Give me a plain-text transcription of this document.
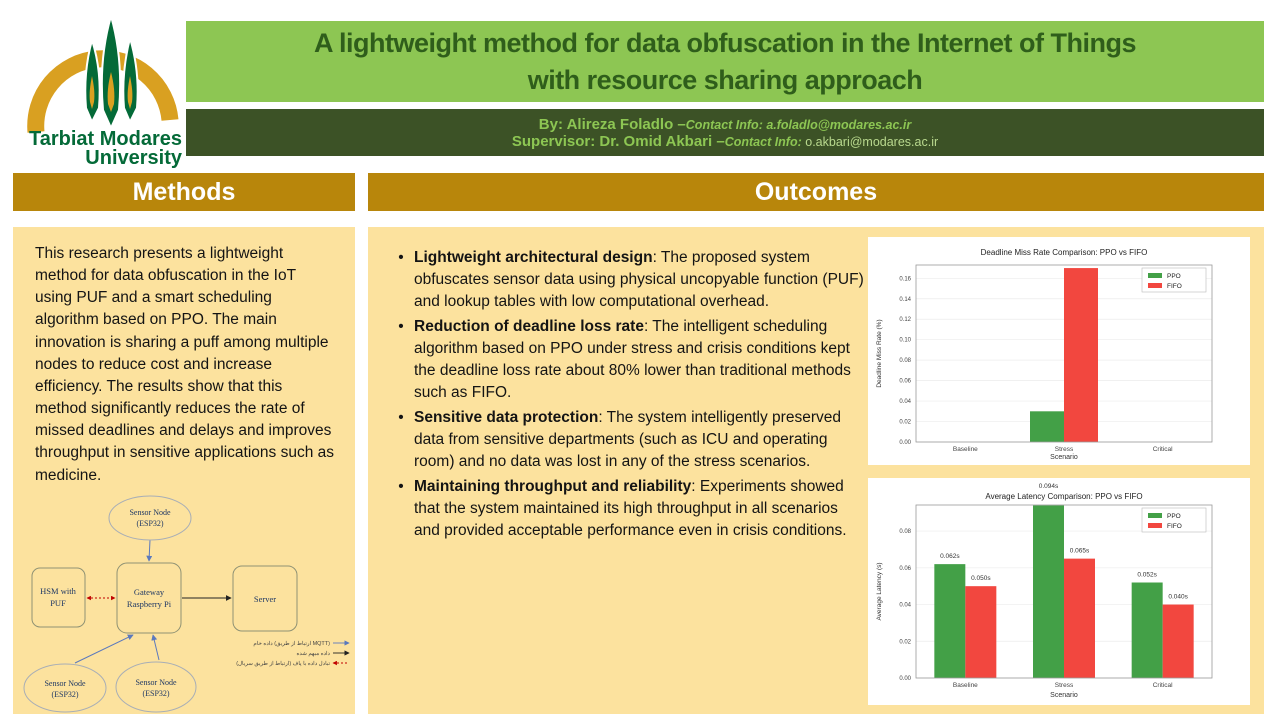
Tarbiat Modares
University
A lightweight method for data obfuscation in the Internet of Things
with resource sharing approach
By: Alireza Foladlo –Contact Info: a.foladlo@modares.ac.ir
Supervisor: Dr. Omid Akbari –Contact Info: o.akbari@modares.ac.ir
Methods	Outcomes
This research presents a lightweight method for data obfuscation in the IoT using PUF and a smart scheduling algorithm based on PPO. The main innovation is sharing a puff among multiple nodes to reduce cost and increase efficiency. The results show that this method significantly reduces the rate of missed deadlines and delays and improves throughput in sensitive applications such as medicine.
Sensor Node
(ESP32)
HSM with
PUF
Gateway
Raspberry Pi	Server
Sensor Node
(ESP32)
Sensor Node
(ESP32)
داده خام (ارتباط از طریق MQTT)
داده مبهم شده
تبادل داده با پاف (ارتباط از طریق سریال)
• Lightweight architectural design: The proposed system obfuscates sensor data using physical uncopyable function (PUF) and lookup tables with low computational overhead.
• Reduction of deadline loss rate: The intelligent scheduling algorithm based on PPO under stress and crisis conditions kept the deadline loss rate about 80% lower than traditional methods such as FIFO.
• Sensitive data protection: The system intelligently preserved data from sensitive departments (such as ICU and operating room) and no data was lost in any of the stress scenarios.
• Maintaining throughput and reliability: Experiments showed that the system maintained its high throughput in all scenarios and provided acceptable performance even in crisis conditions.
Baseline	Stress	Critical
0.00
0.02
0.04
0.06
0.08
0.10
0.12
0.14
0.16
Deadline Miss Rate Comparison: PPO vs FIFO
Scenario
Deadline Miss Rate (%)
PPO
FIFO
Baseline	Stress	Critical
0.00
0.02
0.04
0.06
0.08
Average Latency Comparison: PPO vs FIFO
Scenario
Average Latency (s)
PPO
FIFO
0.062s
0.050s
0.094s
0.065s
0.052s
0.040s
